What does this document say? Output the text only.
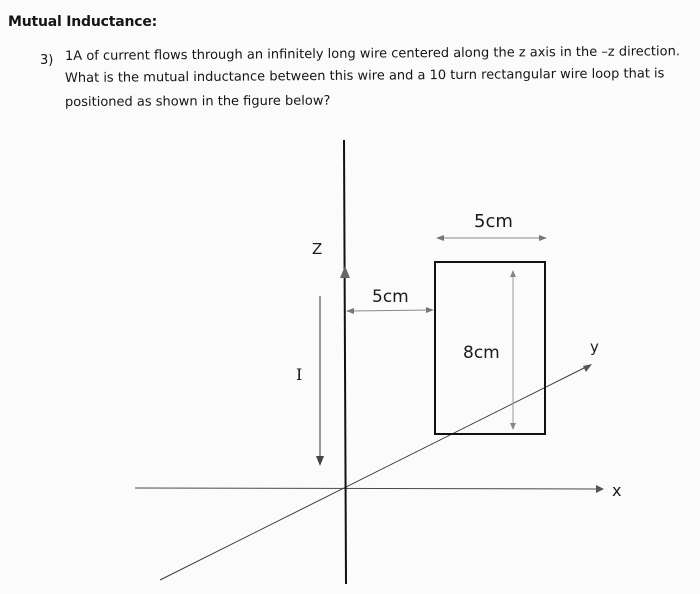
Mutual Inductance:
3) 1A of current flows through an infinitely long wire centered along the z axis in the –z direction.
What is the mutual inductance between this wire and a 10 turn rectangular wire loop that is
positioned as shown in the figure below?
Z
I
5cm
5cm
8cm	y
x
